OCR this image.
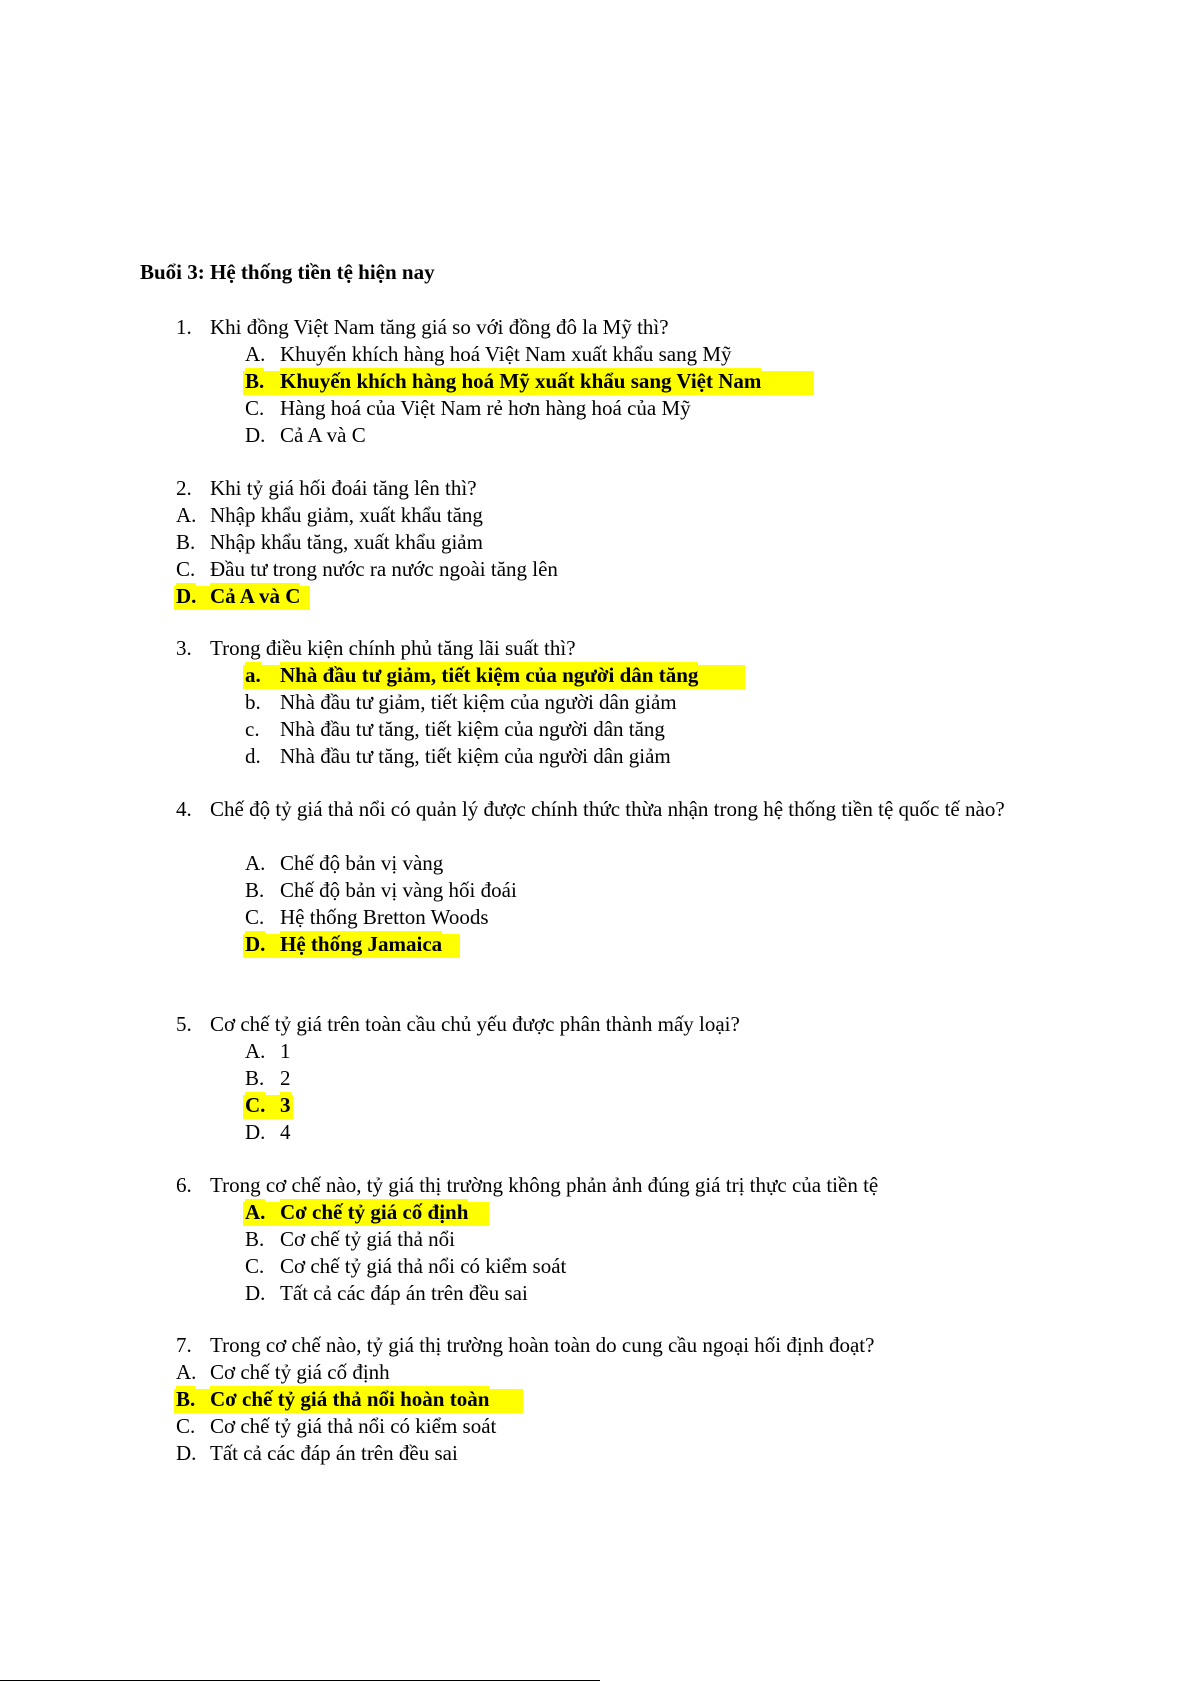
Buổi 3: Hệ thống tiền tệ hiện nay
1. Khi đồng Việt Nam tăng giá so với đồng đô la Mỹ thì?
A. Khuyến khích hàng hoá Việt Nam xuất khẩu sang Mỹ
B. Khuyến khích hàng hoá Mỹ xuất khẩu sang Việt Nam
C. Hàng hoá của Việt Nam rẻ hơn hàng hoá của Mỹ
D. Cả A và C
2. Khi tỷ giá hối đoái tăng lên thì?
A. Nhập khẩu giảm, xuất khẩu tăng
B. Nhập khẩu tăng, xuất khẩu giảm
C. Đầu tư trong nước ra nước ngoài tăng lên
D. Cả A và C
3. Trong điều kiện chính phủ tăng lãi suất thì?
a. Nhà đầu tư giảm, tiết kiệm của người dân tăng
b. Nhà đầu tư giảm, tiết kiệm của người dân giảm
c. Nhà đầu tư tăng, tiết kiệm của người dân tăng
d. Nhà đầu tư tăng, tiết kiệm của người dân giảm
4. Chế độ tỷ giá thả nổi có quản lý được chính thức thừa nhận trong hệ thống tiền tệ quốc tế nào?
A. Chế độ bản vị vàng
B. Chế độ bản vị vàng hối đoái
C. Hệ thống Bretton Woods
D. Hệ thống Jamaica
5. Cơ chế tỷ giá trên toàn cầu chủ yếu được phân thành mấy loại?
A. 1
B. 2
C. 3
D. 4
6. Trong cơ chế nào, tỷ giá thị trường không phản ảnh đúng giá trị thực của tiền tệ
A. Cơ chế tỷ giá cố định
B. Cơ chế tỷ giá thả nổi
C. Cơ chế tỷ giá thả nổi có kiểm soát
D. Tất cả các đáp án trên đều sai
7. Trong cơ chế nào, tỷ giá thị trường hoàn toàn do cung cầu ngoại hối định đoạt?
A. Cơ chế tỷ giá cố định
B. Cơ chế tỷ giá thả nổi hoàn toàn
C. Cơ chế tỷ giá thả nổi có kiểm soát
D. Tất cả các đáp án trên đều sai
